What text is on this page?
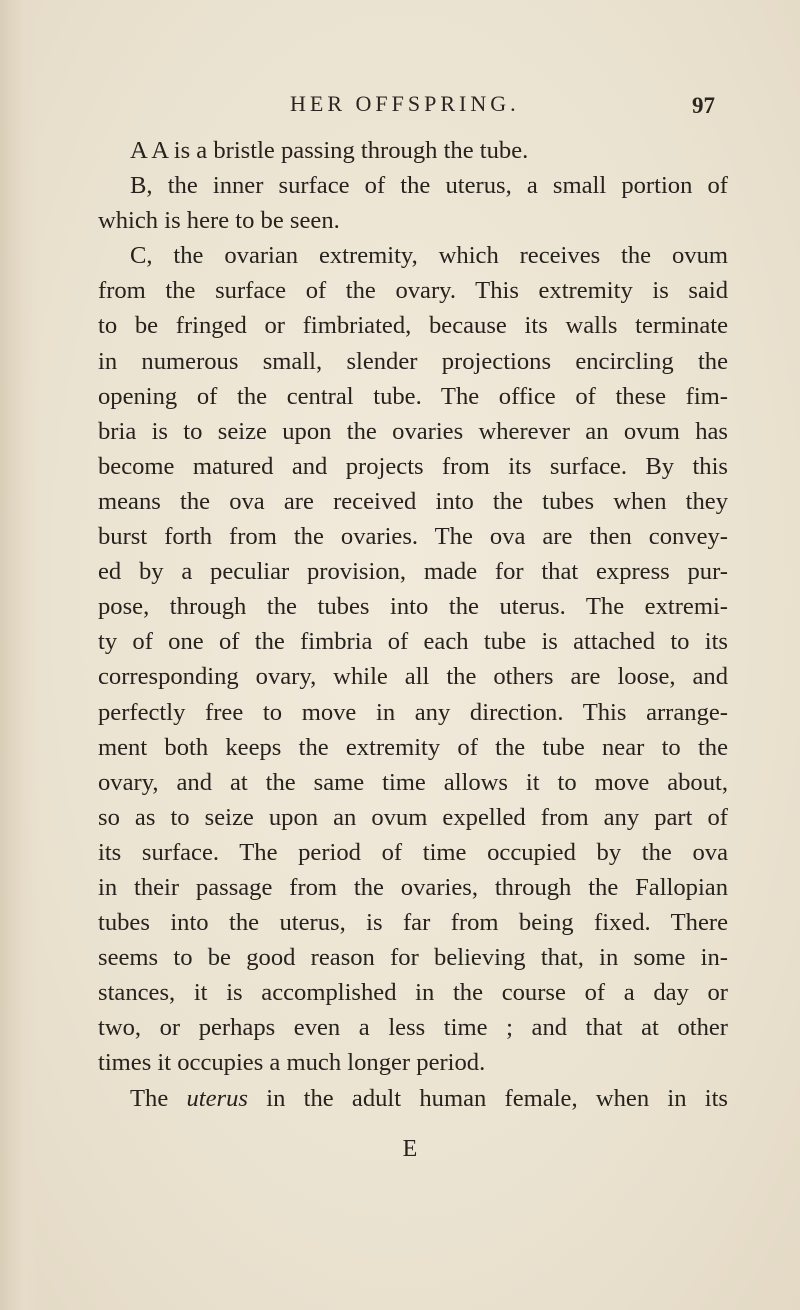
HER OFFSPRING.	97
A A is a bristle passing through the tube.
B, the inner surface of the uterus, a small portion of
which is here to be seen.
C, the ovarian extremity, which receives the ovum
from the surface of the ovary. This extremity is said
to be fringed or fimbriated, because its walls terminate
in numerous small, slender projections encircling the
opening of the central tube. The office of these fim-
bria is to seize upon the ovaries wherever an ovum has
become matured and projects from its surface. By this
means the ova are received into the tubes when they
burst forth from the ovaries. The ova are then convey-
ed by a peculiar provision, made for that express pur-
pose, through the tubes into the uterus. The extremi-
ty of one of the fimbria of each tube is attached to its
corresponding ovary, while all the others are loose, and
perfectly free to move in any direction. This arrange-
ment both keeps the extremity of the tube near to the
ovary, and at the same time allows it to move about,
so as to seize upon an ovum expelled from any part of
its surface. The period of time occupied by the ova
in their passage from the ovaries, through the Fallopian
tubes into the uterus, is far from being fixed. There
seems to be good reason for believing that, in some in-
stances, it is accomplished in the course of a day or
two, or perhaps even a less time ; and that at other
times it occupies a much longer period.
The uterus in the adult human female, when in its
E
